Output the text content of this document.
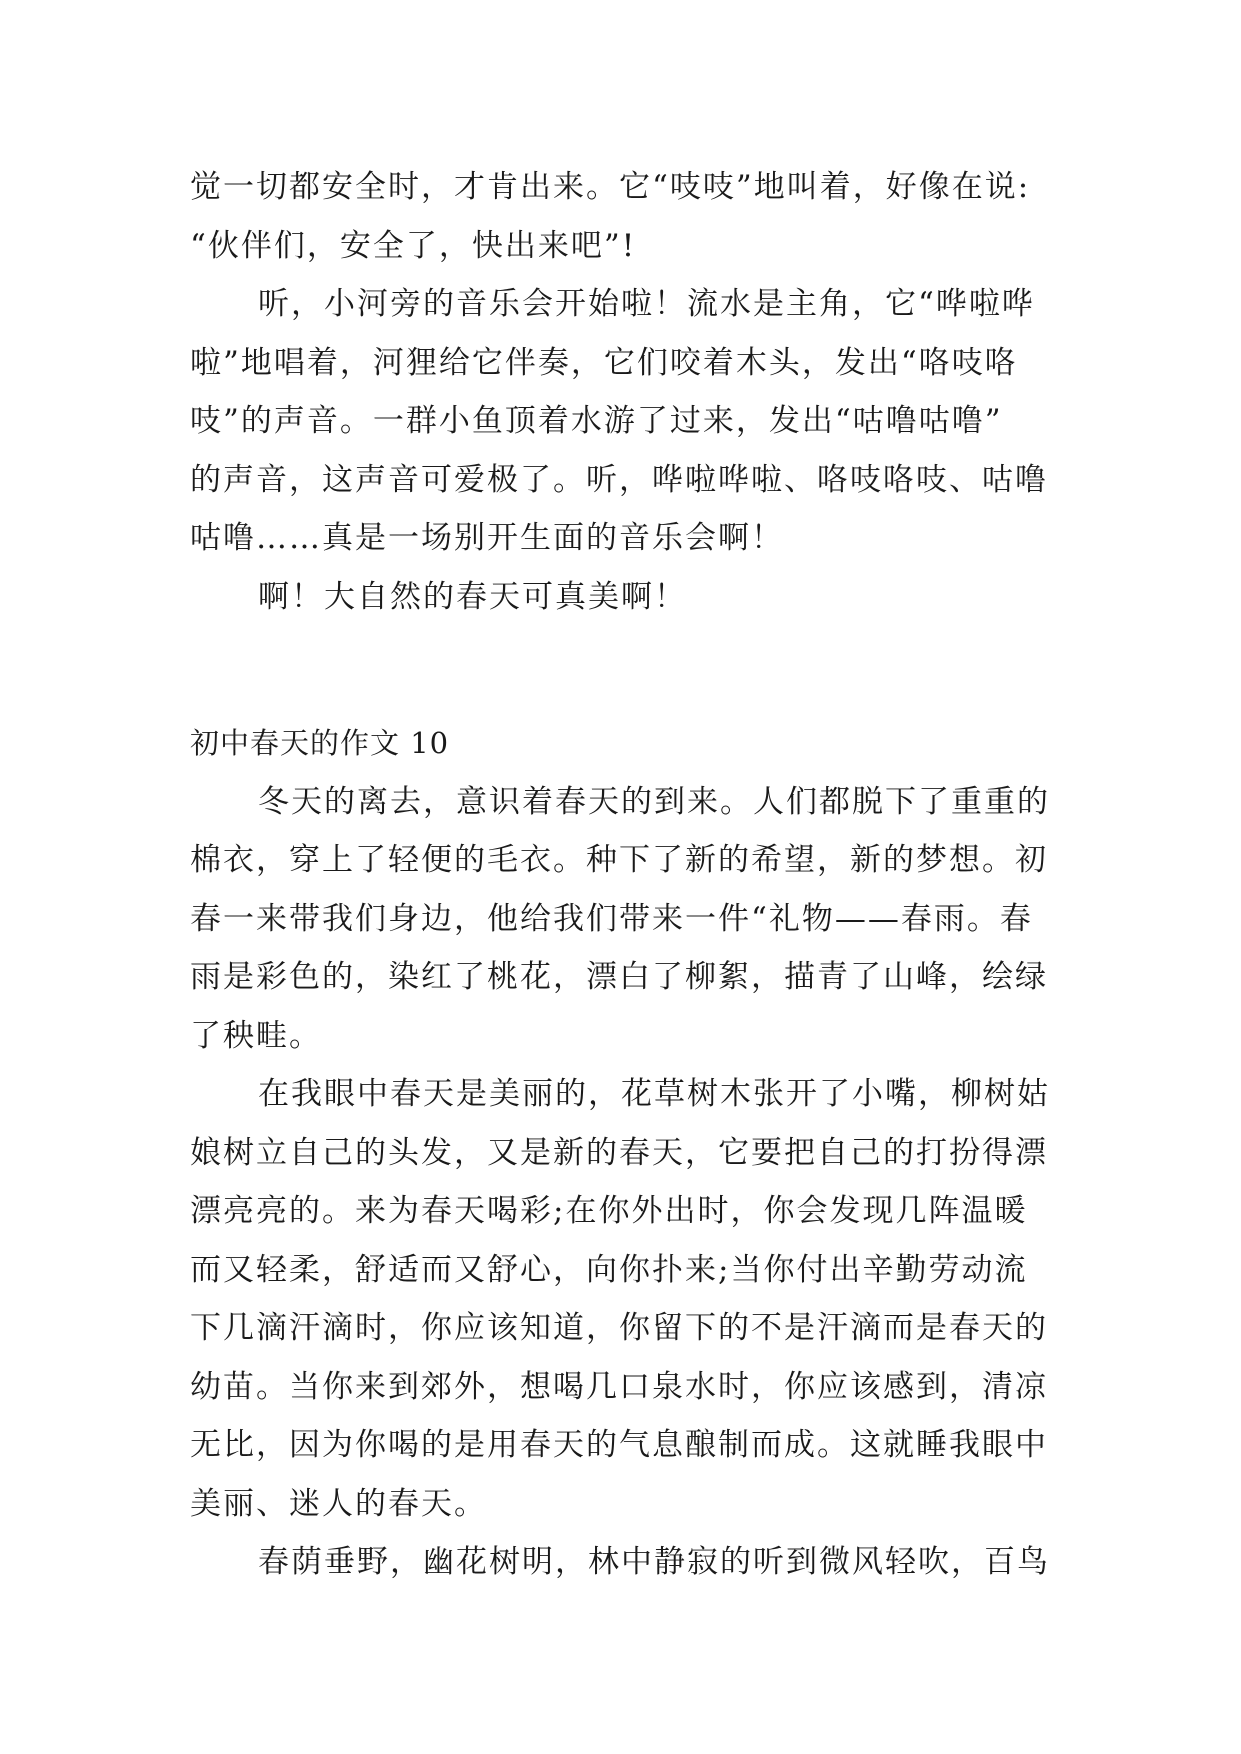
觉一切都安全时，才肯出来。它“吱吱”地叫着，好像在说:
“伙伴们，安全了，快出来吧”!
听，小河旁的音乐会开始啦！流水是主角，它“哗啦哗
啦”地唱着，河狸给它伴奏，它们咬着木头，发出“咯吱咯
吱”的声音。一群小鱼顶着水游了过来，发出“咕噜咕噜”
的声音，这声音可爱极了。听，哗啦哗啦、咯吱咯吱、咕噜
咕噜……真是一场别开生面的音乐会啊！
啊！大自然的春天可真美啊！
初中春天的作文 10
冬天的离去，意识着春天的到来。人们都脱下了重重的
棉衣，穿上了轻便的毛衣。种下了新的希望，新的梦想。初
春一来带我们身边，他给我们带来一件“礼物——春雨。春
雨是彩色的，染红了桃花，漂白了柳絮，描青了山峰，绘绿
了秧畦。
在我眼中春天是美丽的，花草树木张开了小嘴，柳树姑
娘树立自己的头发，又是新的春天，它要把自己的打扮得漂
漂亮亮的。来为春天喝彩;在你外出时，你会发现几阵温暖
而又轻柔，舒适而又舒心，向你扑来;当你付出辛勤劳动流
下几滴汗滴时，你应该知道，你留下的不是汗滴而是春天的
幼苗。当你来到郊外，想喝几口泉水时，你应该感到，清凉
无比，因为你喝的是用春天的气息酿制而成。这就睡我眼中
美丽、迷人的春天。
春荫垂野，幽花树明，林中静寂的听到微风轻吹，百鸟
